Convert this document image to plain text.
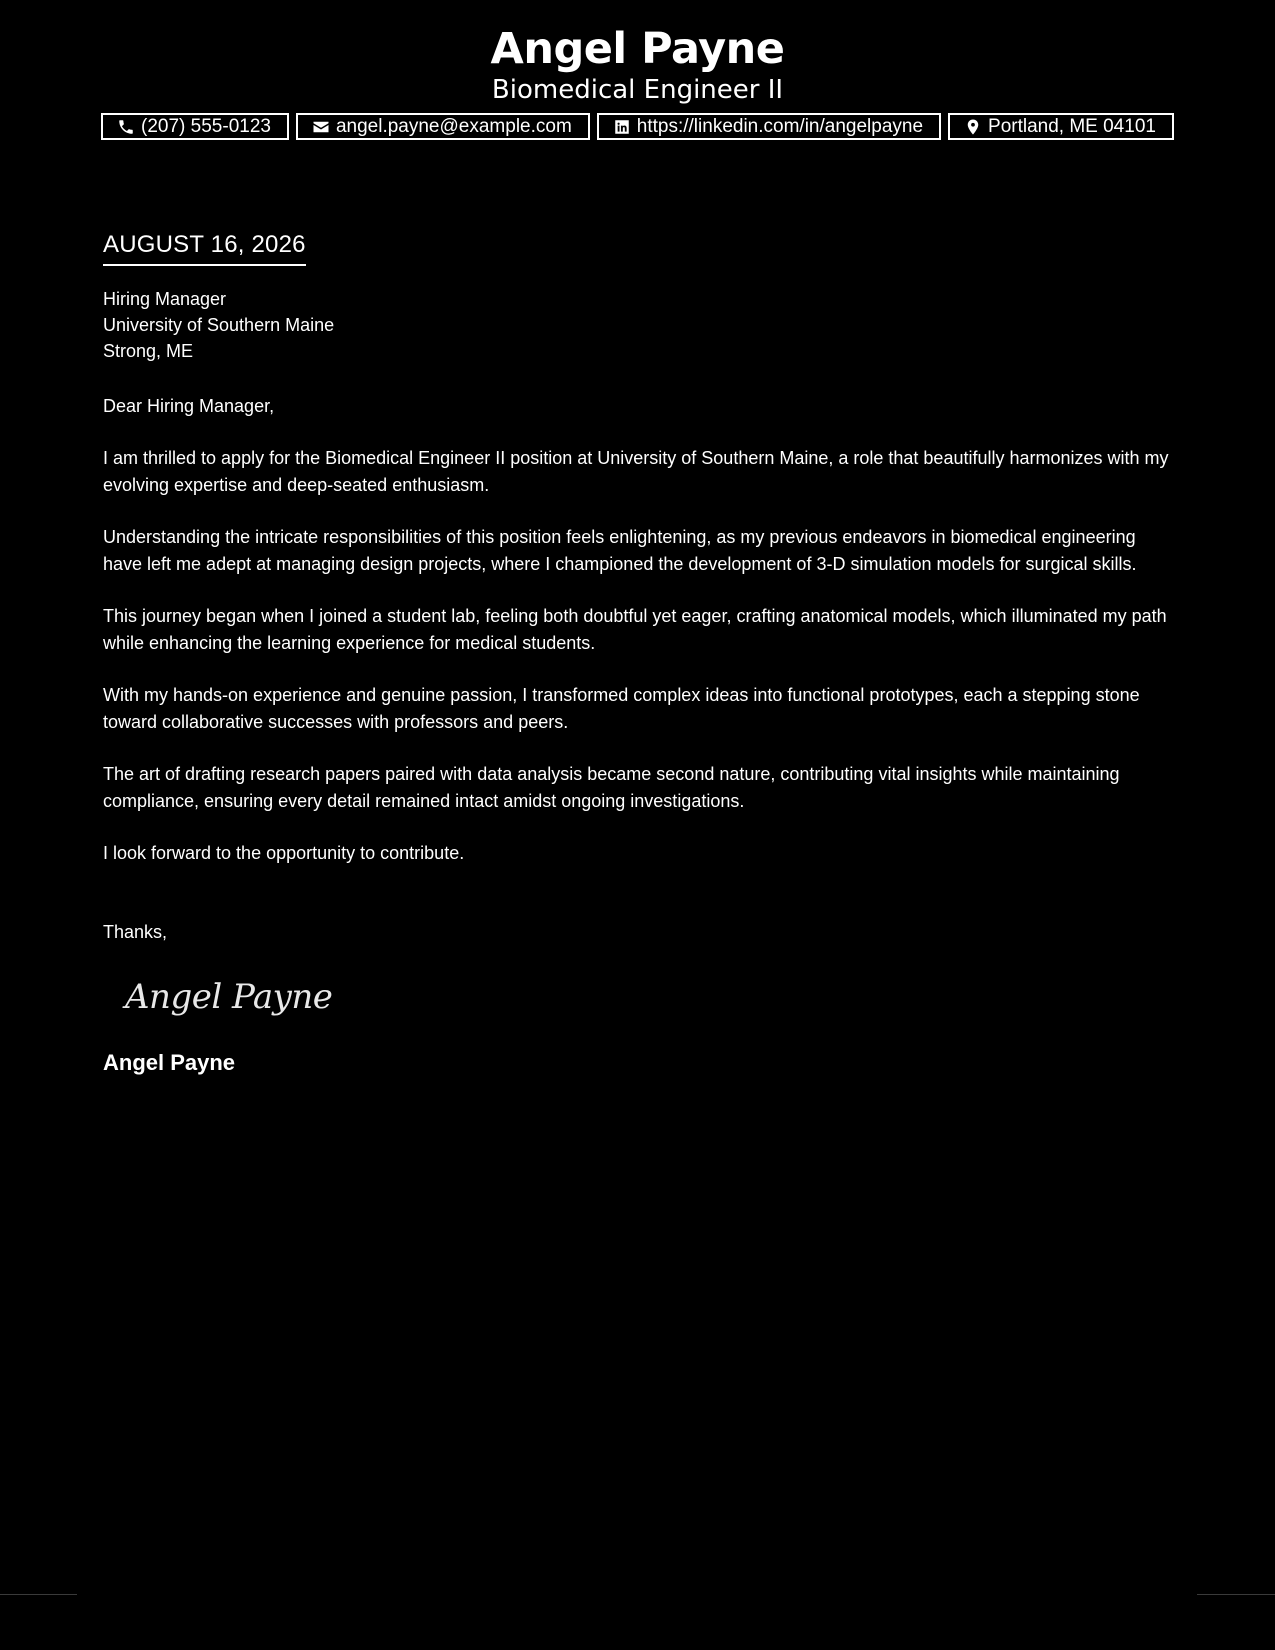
Angel Payne
Biomedical Engineer II
(207) 555-0123	angel.payne@example.com	https://linkedin.com/in/angelpayne	Portland, ME 04101
AUGUST 16, 2026
Hiring Manager
University of Southern Maine
Strong, ME
Dear Hiring Manager,
I am thrilled to apply for the Biomedical Engineer II position at University of Southern Maine, a role that beautifully harmonizes with my evolving expertise and deep-seated enthusiasm.
Understanding the intricate responsibilities of this position feels enlightening, as my previous endeavors in biomedical engineering have left me adept at managing design projects, where I championed the development of 3-D simulation models for surgical skills.
This journey began when I joined a student lab, feeling both doubtful yet eager, crafting anatomical models, which illuminated my path while enhancing the learning experience for medical students.
With my hands-on experience and genuine passion, I transformed complex ideas into functional prototypes, each a stepping stone toward collaborative successes with professors and peers.
The art of drafting research papers paired with data analysis became second nature, contributing vital insights while maintaining compliance, ensuring every detail remained intact amidst ongoing investigations.
I look forward to the opportunity to contribute.
Thanks,
Angel Payne
Angel Payne
